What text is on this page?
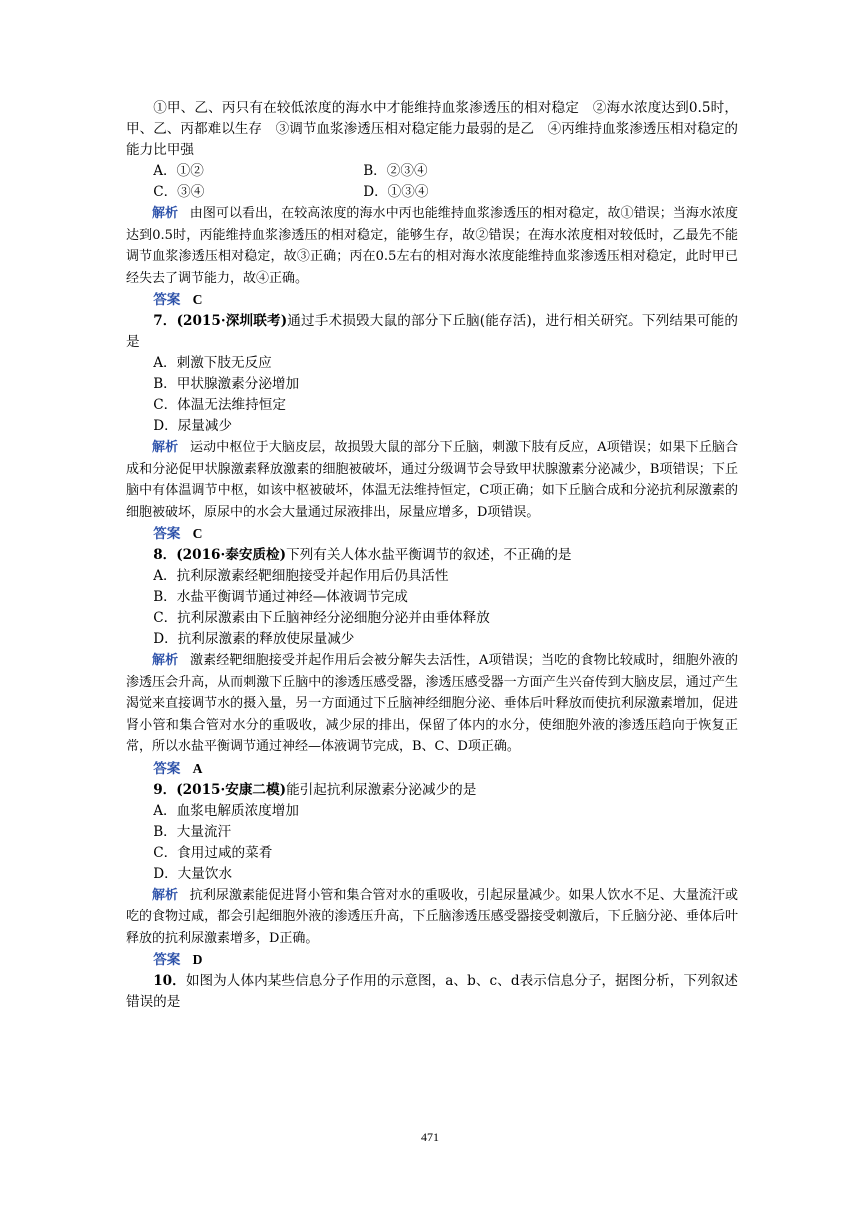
①甲、乙、丙只有在较低浓度的海水中才能维持血浆渗透压的相对稳定　②海水浓度达到0.5时，甲、乙、丙都难以生存　③调节血浆渗透压相对稳定能力最弱的是乙　④丙维持血浆渗透压相对稳定的能力比甲强

A．①②	B．②③④
C．③④	D．①③④

解析 由图可以看出，在较高浓度的海水中丙也能维持血浆渗透压的相对稳定，故①错误；当海水浓度达到0.5时，丙能维持血浆渗透压的相对稳定，能够生存，故②错误；在海水浓度相对较低时，乙最先不能调节血浆渗透压相对稳定，故③正确；丙在0.5左右的相对海水浓度能维持血浆渗透压相对稳定，此时甲已经失去了调节能力，故④正确。

答案 C

7．(2015·深圳联考)通过手术损毁大鼠的部分下丘脑(能存活)，进行相关研究。下列结果可能的是

A．刺激下肢无反应
B．甲状腺激素分泌增加
C．体温无法维持恒定
D．尿量减少

解析 运动中枢位于大脑皮层，故损毁大鼠的部分下丘脑，刺激下肢有反应，A项错误；如果下丘脑合成和分泌促甲状腺激素释放激素的细胞被破坏，通过分级调节会导致甲状腺激素分泌减少，B项错误；下丘脑中有体温调节中枢，如该中枢被破坏，体温无法维持恒定，C项正确；如下丘脑合成和分泌抗利尿激素的细胞被破坏，原尿中的水会大量通过尿液排出，尿量应增多，D项错误。

答案 C

8．(2016·泰安质检)下列有关人体水盐平衡调节的叙述，不正确的是

A．抗利尿激素经靶细胞接受并起作用后仍具活性
B．水盐平衡调节通过神经—体液调节完成
C．抗利尿激素由下丘脑神经分泌细胞分泌并由垂体释放
D．抗利尿激素的释放使尿量减少

解析 激素经靶细胞接受并起作用后会被分解失去活性，A项错误；当吃的食物比较咸时，细胞外液的渗透压会升高，从而刺激下丘脑中的渗透压感受器，渗透压感受器一方面产生兴奋传到大脑皮层，通过产生渴觉来直接调节水的摄入量，另一方面通过下丘脑神经细胞分泌、垂体后叶释放而使抗利尿激素增加，促进肾小管和集合管对水分的重吸收，减少尿的排出，保留了体内的水分，使细胞外液的渗透压趋向于恢复正常，所以水盐平衡调节通过神经—体液调节完成，B、C、D项正确。

答案 A

9．(2015·安康二模)能引起抗利尿激素分泌减少的是

A．血浆电解质浓度增加
B．大量流汗
C．食用过咸的菜肴
D．大量饮水

解析 抗利尿激素能促进肾小管和集合管对水的重吸收，引起尿量减少。如果人饮水不足、大量流汗或吃的食物过咸，都会引起细胞外液的渗透压升高，下丘脑渗透压感受器接受刺激后，下丘脑分泌、垂体后叶释放的抗利尿激素增多，D正确。

答案 D

10．如图为人体内某些信息分子作用的示意图，a、b、c、d表示信息分子，据图分析，下列叙述错误的是

471
